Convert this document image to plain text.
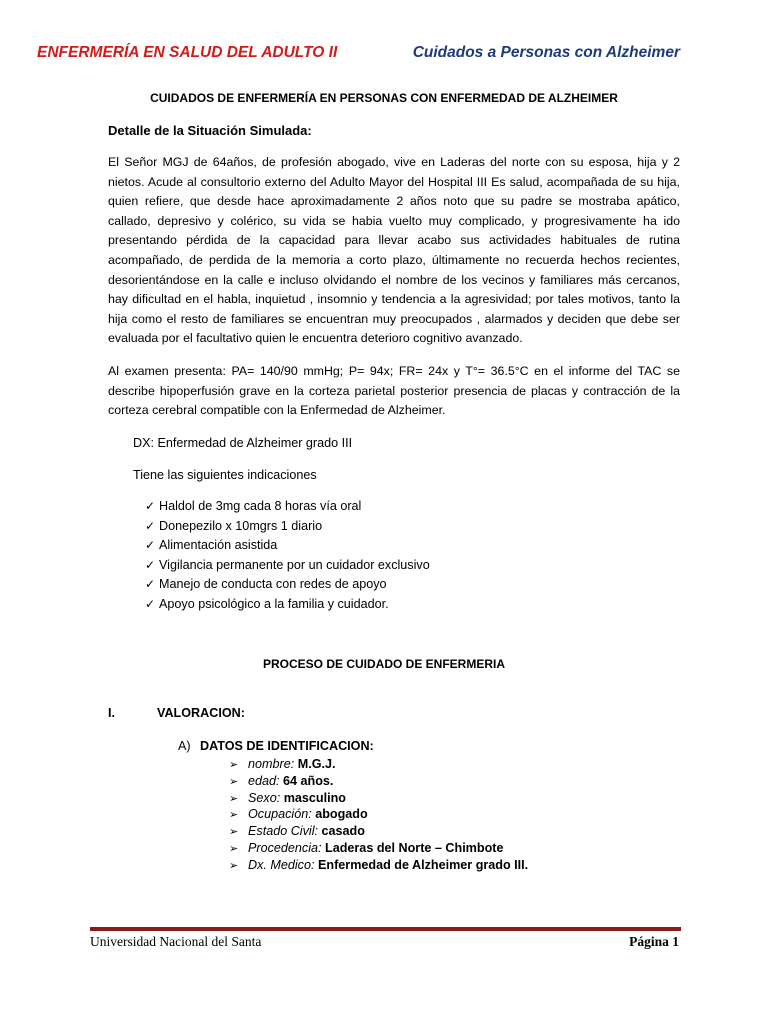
ENFERMERÍA EN SALUD DEL ADULTO II	Cuidados a Personas con Alzheimer
CUIDADOS DE ENFERMERÍA EN PERSONAS CON ENFERMEDAD DE ALZHEIMER
Detalle de la Situación Simulada:

El Señor MGJ de 64años, de profesión abogado, vive en Laderas del norte con su esposa, hija y 2 nietos. Acude al consultorio externo del Adulto Mayor del Hospital III Es salud, acompañada de su hija, quien refiere, que desde hace aproximadamente 2 años noto que su padre se mostraba apático, callado, depresivo y colérico, su vida se habia vuelto muy complicado, y progresivamente ha ido presentando pérdida de la capacidad para llevar acabo sus actividades habituales de rutina acompañado, de perdida de la memoria a corto plazo, últimamente no recuerda hechos recientes, desorientándose en la calle e incluso olvidando el nombre de los vecinos y familiares más cercanos, hay dificultad en el habla, inquietud , insomnio y tendencia a la agresividad; por tales motivos, tanto la hija como el resto de familiares se encuentran muy preocupados , alarmados y deciden que debe ser evaluada por el facultativo quien le encuentra deterioro cognitivo avanzado.

Al examen presenta: PA= 140/90 mmHg; P= 94x; FR= 24x y T°= 36.5°C en el informe del TAC se describe hipoperfusión grave en la corteza parietal posterior presencia de placas y contracción de la corteza cerebral compatible con la Enfermedad de Alzheimer.

DX: Enfermedad de Alzheimer grado III
Tiene las siguientes indicaciones
✓ Haldol de 3mg cada 8 horas vía oral
✓ Donepezilo x 10mgrs 1 diario
✓ Alimentación asistida
✓ Vigilancia permanente por un cuidador exclusivo
✓ Manejo de conducta con redes de apoyo
✓ Apoyo psicológico a la familia y cuidador.
PROCESO DE CUIDADO DE ENFERMERIA
I.	VALORACION:
A) DATOS DE IDENTIFICACION:
➢ nombre: M.G.J.
➢ edad: 64 años.
➢ Sexo: masculino
➢ Ocupación: abogado
➢ Estado Civil: casado
➢ Procedencia: Laderas del Norte – Chimbote
➢ Dx. Medico: Enfermedad de Alzheimer grado III.
Universidad Nacional del Santa	Página 1
